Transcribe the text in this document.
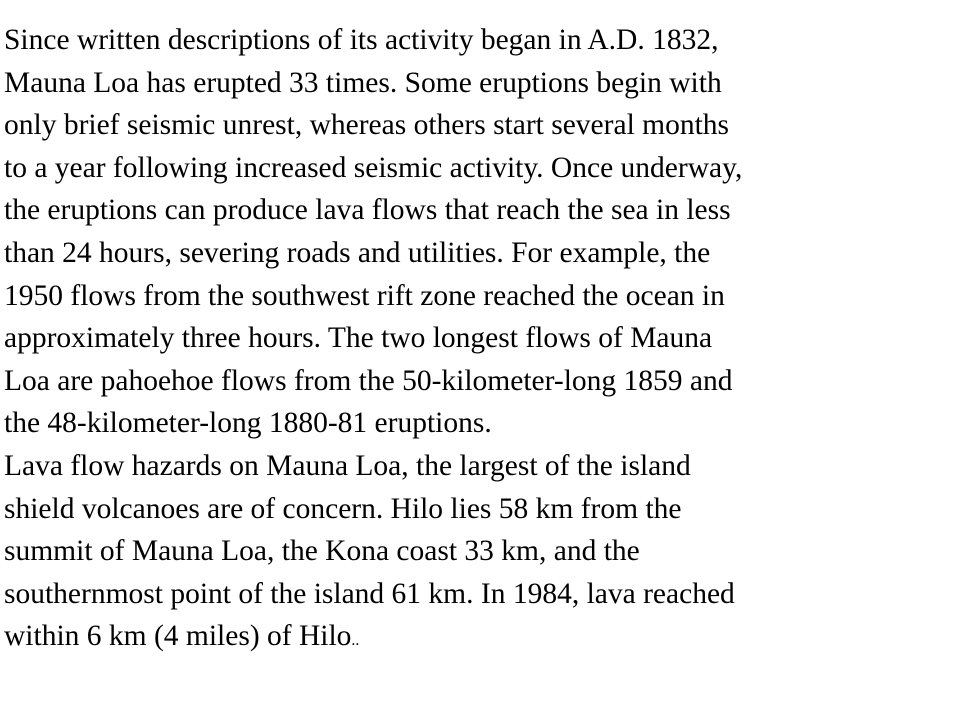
Since written descriptions of its activity began in A.D. 1832,
Mauna Loa has erupted 33 times. Some eruptions begin with
only brief seismic unrest, whereas others start several months
to a year following increased seismic activity. Once underway,
the eruptions can produce lava flows that reach the sea in less
than 24 hours, severing roads and utilities. For example, the
1950 flows from the southwest rift zone reached the ocean in
approximately three hours. The two longest flows of Mauna
Loa are pahoehoe flows from the 50-kilometer-long 1859 and
the 48-kilometer-long 1880-81 eruptions.
Lava flow hazards on Mauna Loa, the largest of the island
shield volcanoes are of concern. Hilo lies 58 km from the
summit of Mauna Loa, the Kona coast 33 km, and the
southernmost point of the island 61 km. In 1984, lava reached
within 6 km (4 miles) of Hilo..
